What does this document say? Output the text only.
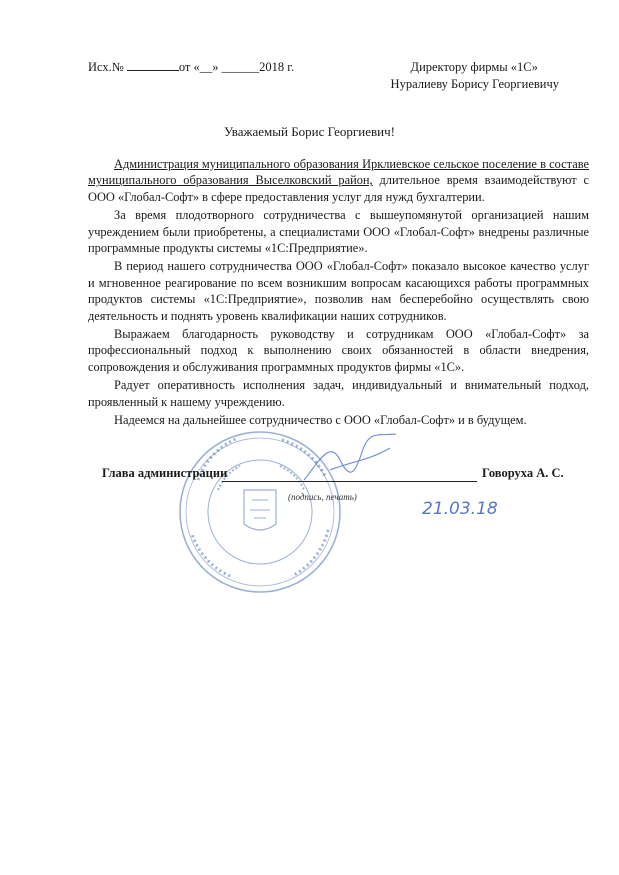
Исх.№	от «__» ______2018 г.	Директору фирмы «1С»
Нуралиеву Борису Георгиевичу
Уважаемый Борис Георгиевич!

Администрация муниципального образования Ирклиевское сельское поселение в составе муниципального образования Выселковский район, длительное время взаимодействуют с ООО «Глобал-Софт» в сфере предоставления услуг для нужд бухгалтерии.

За время плодотворного сотрудничества с вышеупомянутой организацией нашим учреждением были приобретены, а специалистами ООО «Глобал-Софт» внедрены различные программные продукты системы «1С:Предприятие».

В период нашего сотрудничества ООО «Глобал-Софт» показало высокое качество услуг и мгновенное реагирование по всем возникшим вопросам касающихся работы программных продуктов системы «1С:Предприятие», позволив нам бесперебойно осуществлять свою деятельность и поднять уровень квалификации наших сотрудников.

Выражаем благодарность руководству и сотрудникам ООО «Глобал-Софт» за профессиональный подход к выполнению своих обязанностей в области внедрения, сопровождения и обслуживания программных продуктов фирмы «1С».

Радует оперативность исполнения задач, индивидуальный и внимательный подход, проявленный к нашему учреждению.

Надеемся на дальнейшее сотрудничество с ООО «Глобал-Софт» и в будущем.

Глава администрации	Говоруха А. С.
(подпись, печать)
21.03.18
